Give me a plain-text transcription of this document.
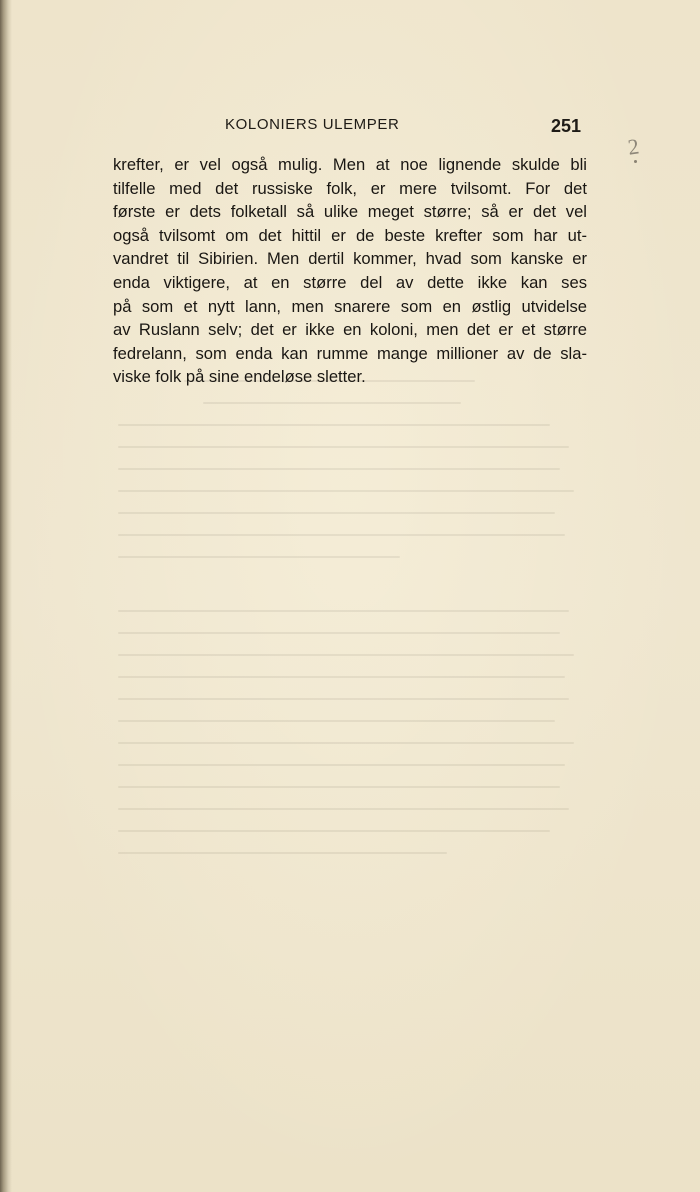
KOLONIERS ULEMPER	251
2
krefter, er vel også mulig. Men at noe lignende skulde bli
tilfelle med det russiske folk, er mere tvilsomt. For det
første er dets folketall så ulike meget større; så er det vel
også tvilsomt om det hittil er de beste krefter som har ut-
vandret til Sibirien. Men dertil kommer, hvad som kanske er
enda viktigere, at en større del av dette ikke kan ses
på som et nytt lann, men snarere som en østlig utvidelse
av Ruslann selv; det er ikke en koloni, men det er et større
fedrelann, som enda kan rumme mange millioner av de sla-
viske folk på sine endeløse sletter.
